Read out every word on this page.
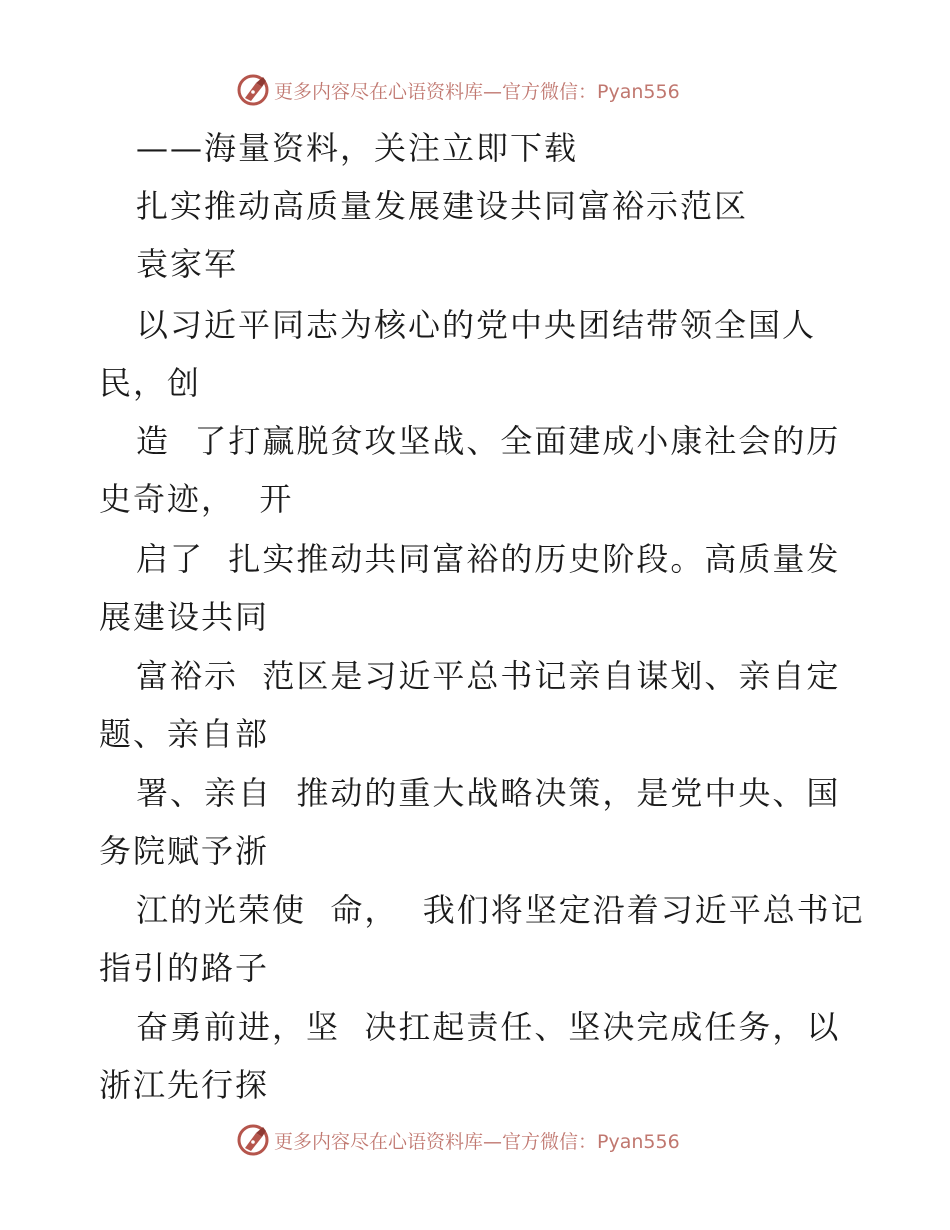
更多内容尽在心语资料库—官方微信：Pyan556
——海量资料，关注立即下载
扎实推动高质量发展建设共同富裕示范区
袁家军
以习近平同志为核心的党中央团结带领全国人
民，创
造  了打赢脱贫攻坚战、全面建成小康社会的历
史奇迹，  开
启了  扎实推动共同富裕的历史阶段。高质量发
展建设共同
富裕示  范区是习近平总书记亲自谋划、亲自定
题、亲自部
署、亲自  推动的重大战略决策，是党中央、国
务院赋予浙
江的光荣使  命，  我们将坚定沿着习近平总书记
指引的路子
奋勇前进，坚  决扛起责任、坚决完成任务，以
浙江先行探
更多内容尽在心语资料库—官方微信：Pyan556
